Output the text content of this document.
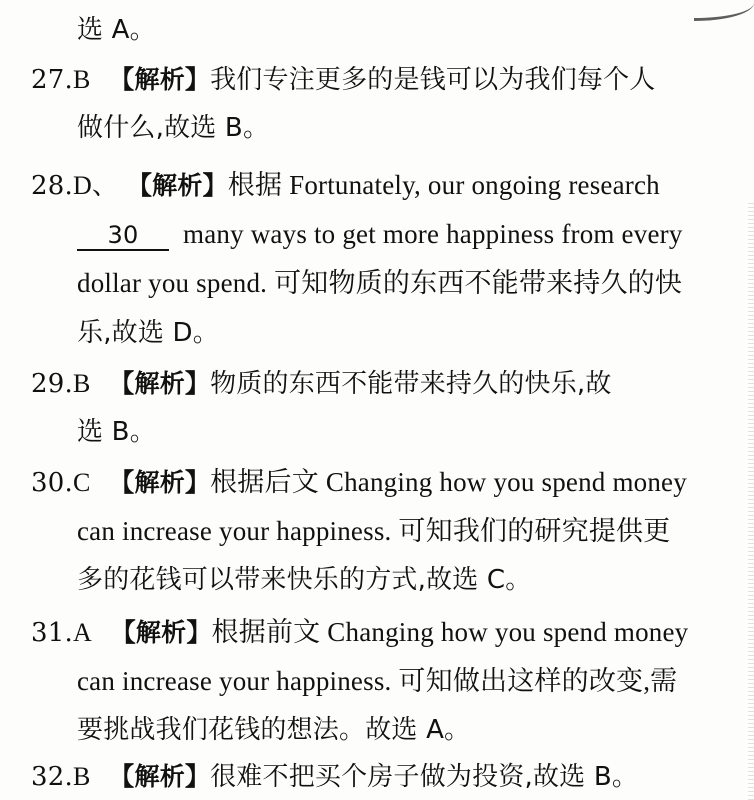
选 A。
27.B 【解析】我们专注更多的是钱可以为我们每个人
做什么,故选 B。
28.D、 【解析】根据 Fortunately, our ongoing research
30 many ways to get more happiness from every
dollar you spend. 可知物质的东西不能带来持久的快
乐,故选 D。
29.B 【解析】物质的东西不能带来持久的快乐,故
选 B。
30.C 【解析】根据后文 Changing how you spend money
can increase your happiness. 可知我们的研究提供更
多的花钱可以带来快乐的方式,故选 C。
31.A 【解析】根据前文 Changing how you spend money
can increase your happiness. 可知做出这样的改变,需
要挑战我们花钱的想法。故选 A。
32.B 【解析】很难不把买个房子做为投资,故选 B。
